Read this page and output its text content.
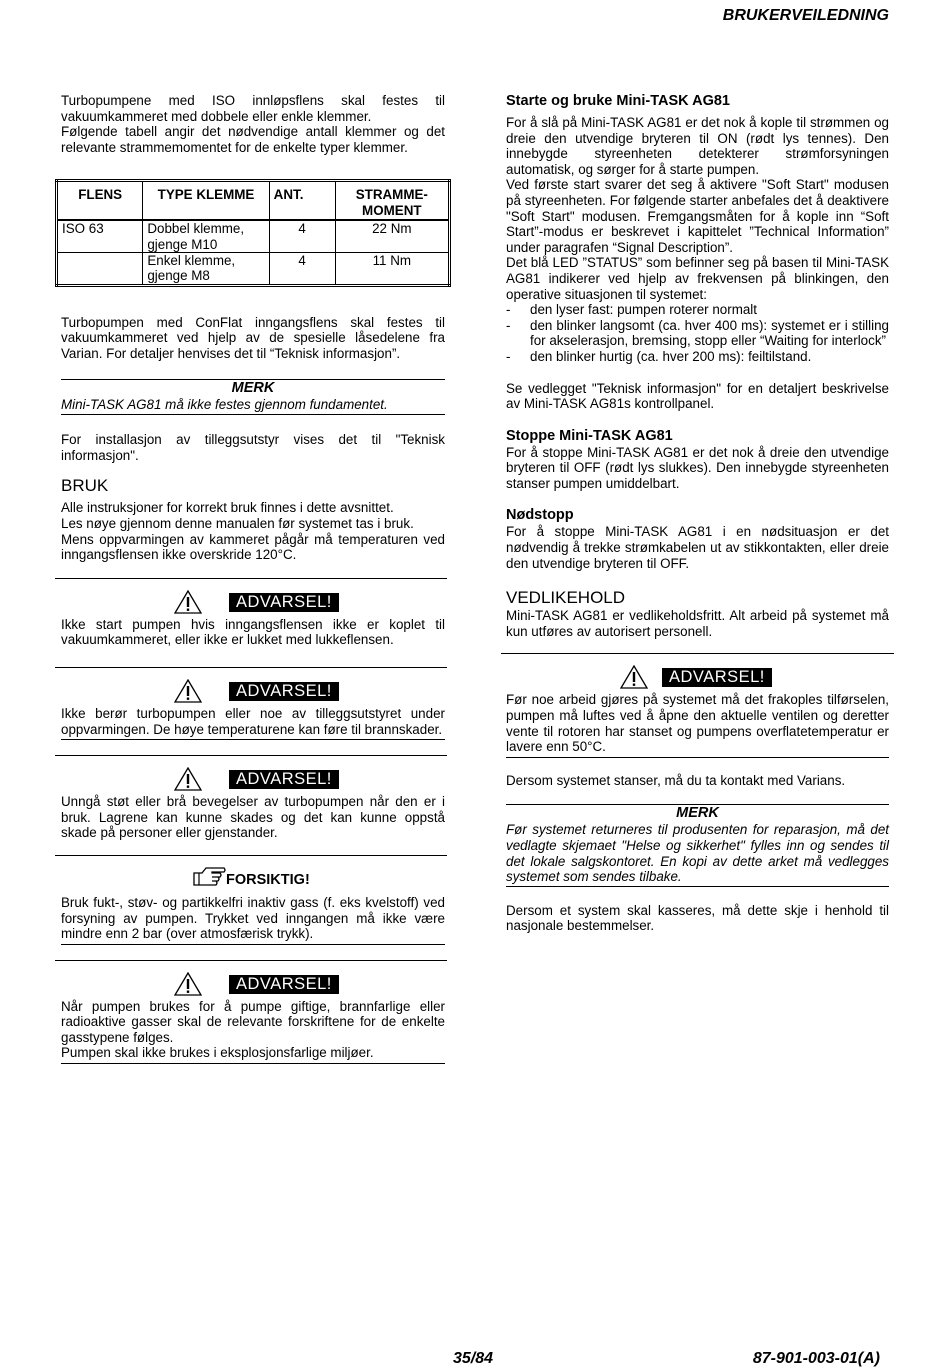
BRUKERVEILEDNING

Turbopumpene med ISO innløpsflens skal festes til vakuumkammeret med dobbele eller enkle klemmer.

Følgende tabell angir det nødvendige antall klemmer og det relevante strammemomentet for de enkelte typer klemmer.

FLENS	TYPE KLEMME	ANT.	STRAMME-MOMENT
ISO 63	Dobbel klemme, gjenge M10	4	22 Nm
	Enkel klemme, gjenge M8	4	11 Nm

Turbopumpen med ConFlat inngangsflens skal festes til vakuumkammeret ved hjelp av de spesielle låsedelene fra Varian. For detaljer henvises det til “Teknisk informasjon”.

MERK
Mini-TASK AG81 må ikke festes gjennom fundamentet.

For installasjon av tilleggsutstyr vises det til "Teknisk informasjon".

BRUK

Alle instruksjoner for korrekt bruk finnes i dette avsnittet.

Les nøye gjennom denne manualen før systemet tas i bruk.

Mens oppvarmingen av kammeret pågår må temperaturen ved inngangsflensen ikke overskride 120°C.

ADVARSEL!

Ikke start pumpen hvis inngangsflensen ikke er koplet til vakuumkammeret, eller ikke er lukket med lukkeflensen.

ADVARSEL!

Ikke berør turbopumpen eller noe av tilleggsutstyret under oppvarmingen. De høye temperaturene kan føre til brannskader.

ADVARSEL!

Unngå støt eller brå bevegelser av turbopumpen når den er i bruk. Lagrene kan kunne skades og det kan kunne oppstå skade på personer eller gjenstander.

FORSIKTIG!

Bruk fukt-, støv- og partikkelfri inaktiv gass (f. eks kvelstoff) ved forsyning av pumpen. Trykket ved inngangen må ikke være mindre enn 2 bar (over atmosfærisk trykk).

ADVARSEL!

Når pumpen brukes for å pumpe giftige, brannfarlige eller radioaktive gasser skal de relevante forskriftene for de enkelte gasstypene følges.

Pumpen skal ikke brukes i eksplosjonsfarlige miljøer.

Starte og bruke Mini-TASK AG81

For å slå på Mini-TASK AG81 er det nok å kople til strømmen og dreie den utvendige bryteren til ON (rødt lys tennes). Den innebygde styreenheten detekterer strømforsyningen automatisk, og sørger for å starte pumpen.

Ved første start svarer det seg å aktivere "Soft Start" modusen på styreenheten. For følgende starter anbefales det å deaktivere "Soft Start" modusen. Fremgangsmåten for å kople inn “Soft Start”-modus er beskrevet i kapittelet ”Technical Information” under paragrafen “Signal Description”.

Det blå LED ”STATUS” som befinner seg på basen til Mini-TASK AG81 indikerer ved hjelp av frekvensen på blinkingen, den operative situasjonen til systemet:

-	den lyser fast: pumpen roterer normalt
-	den blinker langsomt (ca. hver 400 ms): systemet er i stilling for akselerasjon, bremsing, stopp eller “Waiting for interlock”
-	den blinker hurtig (ca. hver 200 ms): feiltilstand.

Se vedlegget "Teknisk informasjon" for en detaljert beskrivelse av Mini-TASK AG81s kontrollpanel.

Stoppe Mini-TASK AG81

For å stoppe Mini-TASK AG81 er det nok å dreie den utvendige bryteren til OFF (rødt lys slukkes). Den innebygde styreenheten stanser pumpen umiddelbart.

Nødstopp

For å stoppe Mini-TASK AG81 i en nødsituasjon er det nødvendig å trekke strømkabelen ut av stikkontakten, eller dreie den utvendige bryteren til OFF.

VEDLIKEHOLD

Mini-TASK AG81 er vedlikeholdsfritt. Alt arbeid på systemet må kun utføres av autorisert personell.

ADVARSEL!

Før noe arbeid gjøres på systemet må det frakoples tilførselen, pumpen må luftes ved å åpne den aktuelle ventilen og deretter vente til rotoren har stanset og pumpens overflatetemperatur er lavere enn 50°C.

Dersom systemet stanser, må du ta kontakt med Varians.

MERK
Før systemet returneres til produsenten for reparasjon, må det vedlagte skjemaet "Helse og sikkerhet" fylles inn og sendes til det lokale salgskontoret. En kopi av dette arket må vedlegges systemet som sendes tilbake.

Dersom et system skal kasseres, må dette skje i henhold til nasjonale bestemmelser.

35/84	87-901-003-01(A)
